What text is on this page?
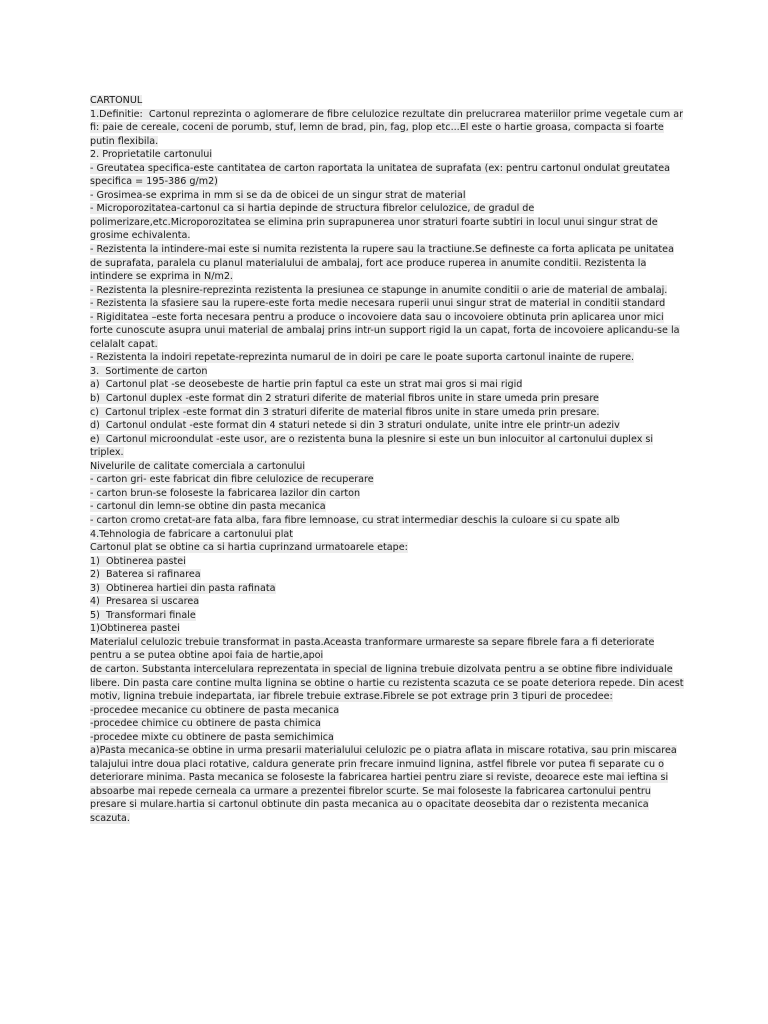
CARTONUL
1.Definitie:  Cartonul reprezinta o aglomerare de fibre celulozice rezultate din prelucrarea materiilor prime vegetale cum ar
fi: paie de cereale, coceni de porumb, stuf, lemn de brad, pin, fag, plop etc...El este o hartie groasa, compacta si foarte
putin flexibila.
2. Proprietatile cartonului
- Greutatea specifica-este cantitatea de carton raportata la unitatea de suprafata (ex: pentru cartonul ondulat greutatea
specifica = 195-386 g/m2)
- Grosimea-se exprima in mm si se da de obicei de un singur strat de material
- Microporozitatea-cartonul ca si hartia depinde de structura fibrelor celulozice, de gradul de
polimerizare,etc.Microporozitatea se elimina prin suprapunerea unor straturi foarte subtiri in locul unui singur strat de
grosime echivalenta.
- Rezistenta la intindere-mai este si numita rezistenta la rupere sau la tractiune.Se defineste ca forta aplicata pe unitatea
de suprafata, paralela cu planul materialului de ambalaj, fort ace produce ruperea in anumite conditii. Rezistenta la
intindere se exprima in N/m2.
- Rezistenta la plesnire-reprezinta rezistenta la presiunea ce stapunge in anumite conditii o arie de material de ambalaj.
- Rezistenta la sfasiere sau la rupere-este forta medie necesara ruperii unui singur strat de material in conditii standard
- Rigiditatea –este forta necesara pentru a produce o incovoiere data sau o incovoiere obtinuta prin aplicarea unor mici
forte cunoscute asupra unui material de ambalaj prins intr-un support rigid la un capat, forta de incovoiere aplicandu-se la
celalalt capat.
- Rezistenta la indoiri repetate-reprezinta numarul de in doiri pe care le poate suporta cartonul inainte de rupere.
3.  Sortimente de carton
a)  Cartonul plat -se deosebeste de hartie prin faptul ca este un strat mai gros si mai rigid
b)  Cartonul duplex -este format din 2 straturi diferite de material fibros unite in stare umeda prin presare
c)  Cartonul triplex -este format din 3 straturi diferite de material fibros unite in stare umeda prin presare.
d)  Cartonul ondulat -este format din 4 staturi netede si din 3 straturi ondulate, unite intre ele printr-un adeziv
e)  Cartonul microondulat -este usor, are o rezistenta buna la plesnire si este un bun inlocuitor al cartonului duplex si
triplex.
Nivelurile de calitate comerciala a cartonului
- carton gri- este fabricat din fibre celulozice de recuperare
- carton brun-se foloseste la fabricarea lazilor din carton
- cartonul din lemn-se obtine din pasta mecanica
- carton cromo cretat-are fata alba, fara fibre lemnoase, cu strat intermediar deschis la culoare si cu spate alb
4.Tehnologia de fabricare a cartonului plat
Cartonul plat se obtine ca si hartia cuprinzand urmatoarele etape:
1)  Obtinerea pastei
2)  Baterea si rafinarea
3)  Obtinerea hartiei din pasta rafinata
4)  Presarea si uscarea
5)  Transformari finale
1)Obtinerea pastei
Materialul celulozic trebuie transformat in pasta.Aceasta tranformare urmareste sa separe fibrele fara a fi deteriorate
pentru a se putea obtine apoi faia de hartie,apoi
de carton. Substanta intercelulara reprezentata in special de lignina trebuie dizolvata pentru a se obtine fibre individuale
libere. Din pasta care contine multa lignina se obtine o hartie cu rezistenta scazuta ce se poate deteriora repede. Din acest
motiv, lignina trebuie indepartata, iar fibrele trebuie extrase.Fibrele se pot extrage prin 3 tipuri de procedee:
-procedee mecanice cu obtinere de pasta mecanica
-procedee chimice cu obtinere de pasta chimica
-procedee mixte cu obtinere de pasta semichimica
a)Pasta mecanica-se obtine in urma presarii materialului celulozic pe o piatra aflata in miscare rotativa, sau prin miscarea
talajului intre doua placi rotative, caldura generate prin frecare inmuind lignina, astfel fibrele vor putea fi separate cu o
deteriorare minima. Pasta mecanica se foloseste la fabricarea hartiei pentru ziare si reviste, deoarece este mai ieftina si
absoarbe mai repede cerneala ca urmare a prezentei fibrelor scurte. Se mai foloseste la fabricarea cartonului pentru
presare si mulare.hartia si cartonul obtinute din pasta mecanica au o opacitate deosebita dar o rezistenta mecanica
scazuta.
